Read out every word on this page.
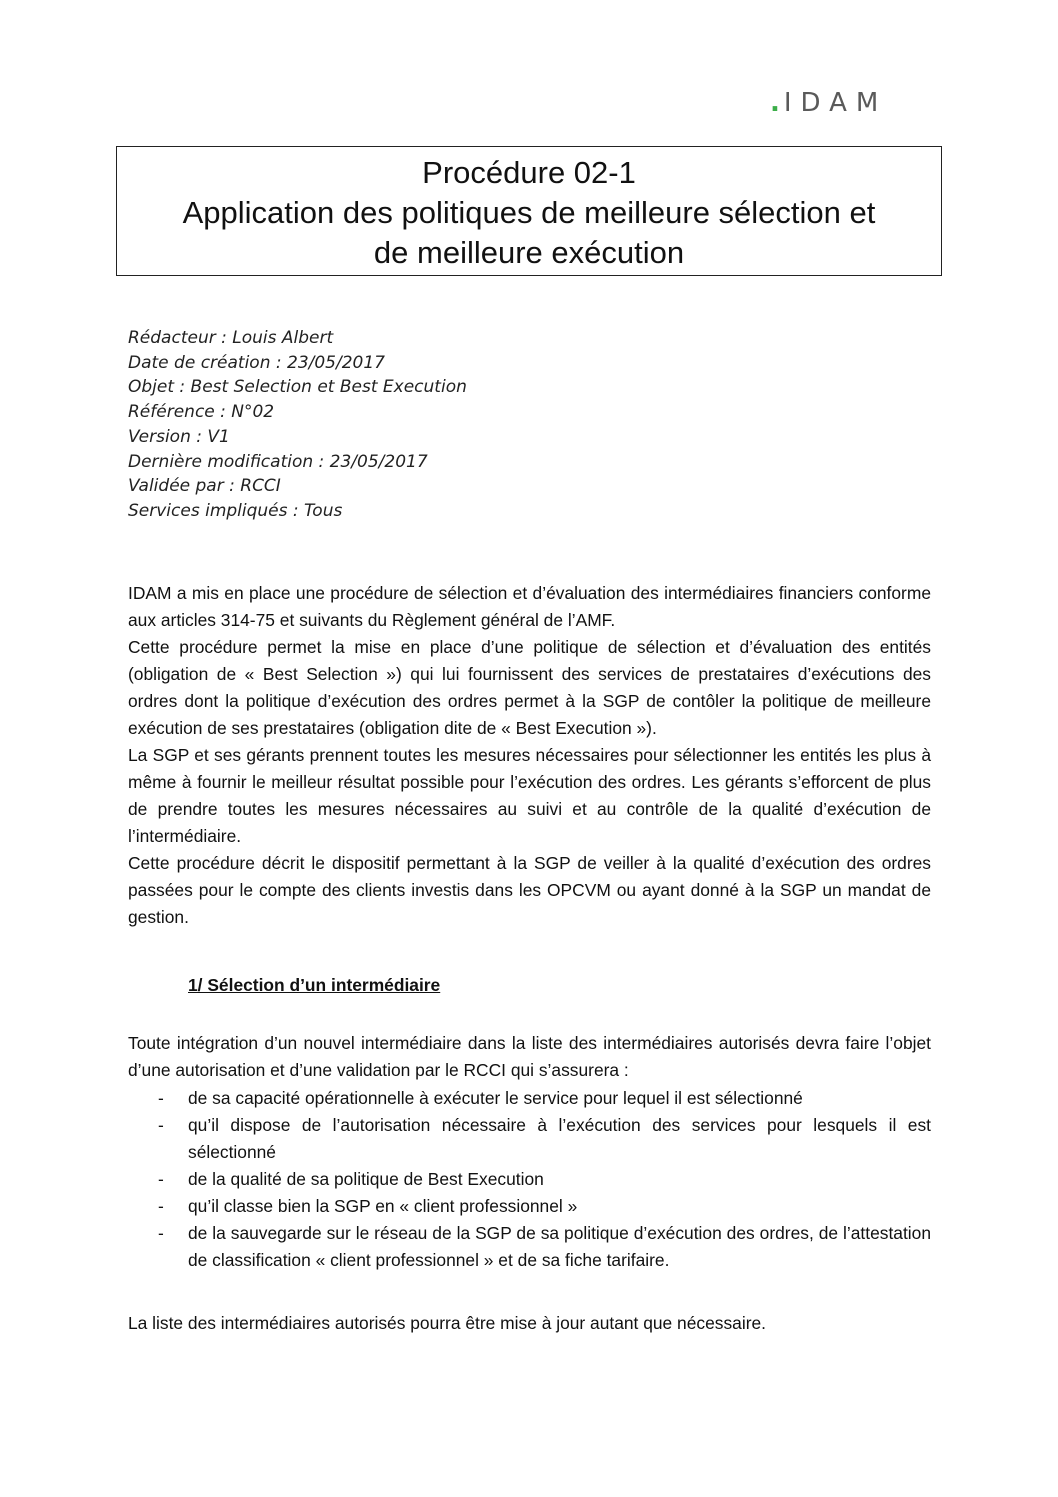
.IDAM
Procédure 02-1
Application des politiques de meilleure sélection et
de meilleure exécution
Rédacteur : Louis Albert
Date de création : 23/05/2017
Objet : Best Selection et Best Execution
Référence : N°02
Version : V1
Dernière modification : 23/05/2017
Validée par : RCCI
Services impliqués : Tous

IDAM a mis en place une procédure de sélection et d’évaluation des intermédiaires financiers conforme aux articles 314-75 et suivants du Règlement général de l’AMF.

Cette procédure permet la mise en place d’une politique de sélection et d’évaluation des entités (obligation de « Best Selection ») qui lui fournissent des services de prestataires d’exécutions des ordres dont la politique d’exécution des ordres permet à la SGP de contôler la politique de meilleure exécution de ses prestataires (obligation dite de « Best Execution »).

La SGP et ses gérants prennent toutes les mesures nécessaires pour sélectionner les entités les plus à même à fournir le meilleur résultat possible pour l’exécution des ordres. Les gérants s’efforcent de plus de prendre toutes les mesures nécessaires au suivi et au contrôle de la qualité d’exécution de l’intermédiaire.

Cette procédure décrit le dispositif permettant à la SGP de veiller à la qualité d’exécution des ordres passées pour le compte des clients investis dans les OPCVM ou ayant donné à la SGP un mandat de gestion.

1/ Sélection d’un intermédiaire
Toute intégration d’un nouvel intermédiaire dans la liste des intermédiaires autorisés devra faire l’objet d’une autorisation et d’une validation par le RCCI qui s’assurera :
- de sa capacité opérationnelle à exécuter le service pour lequel il est sélectionné
- qu’il dispose de l’autorisation nécessaire à l’exécution des services pour lesquels il est sélectionné
- de la qualité de sa politique de Best Execution
- qu’il classe bien la SGP en « client professionnel »
- de la sauvegarde sur le réseau de la SGP de sa politique d’exécution des ordres, de l’attestation de classification « client professionnel » et de sa fiche tarifaire.
La liste des intermédiaires autorisés pourra être mise à jour autant que nécessaire.
